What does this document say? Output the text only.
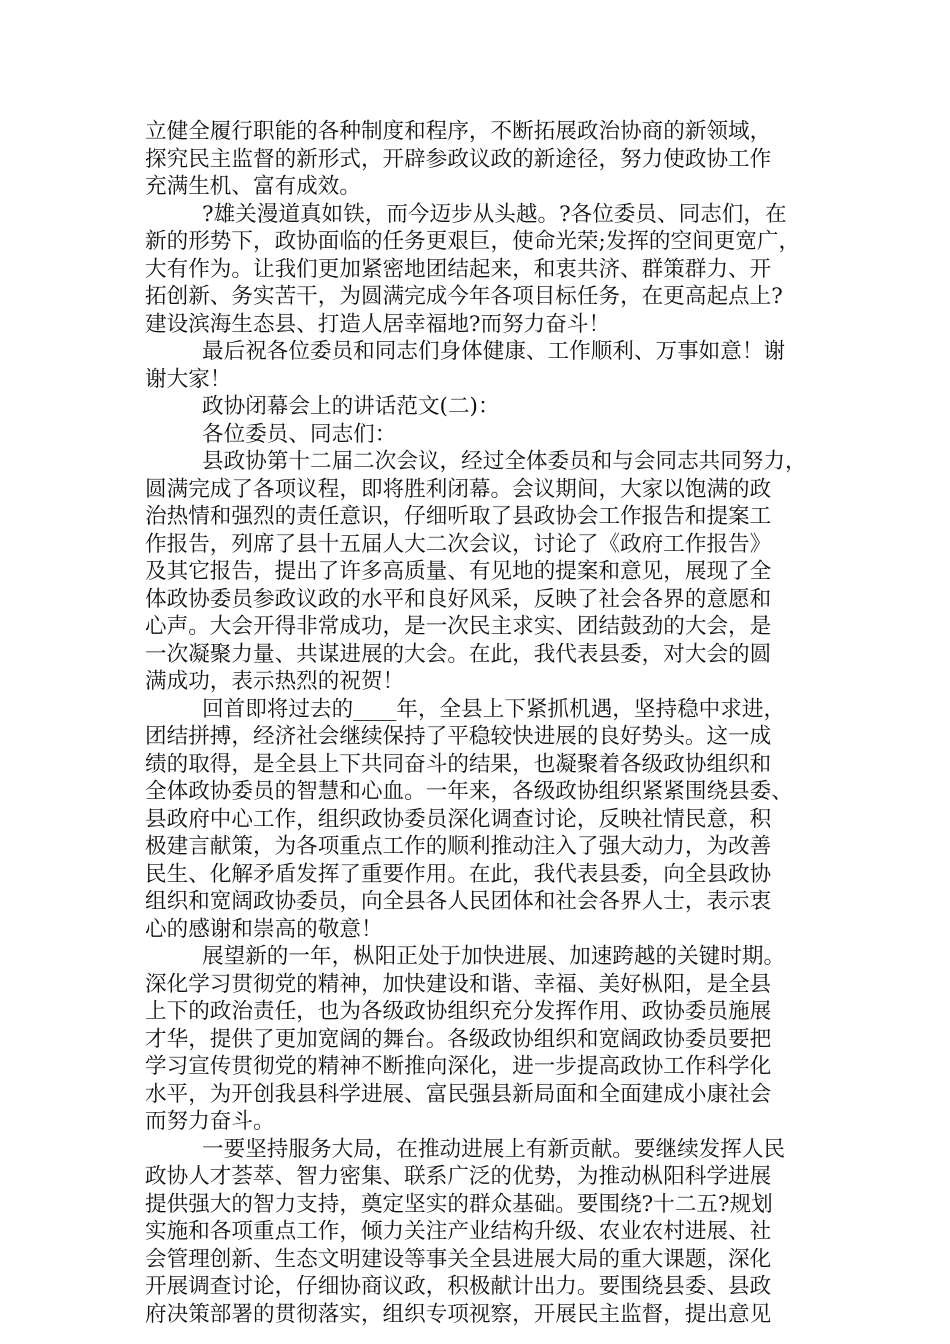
立健全履行职能的各种制度和程序，不断拓展政治协商的新领域，
探究民主监督的新形式，开辟参政议政的新途径，努力使政协工作
充满生机、富有成效。
?雄关漫道真如铁，而今迈步从头越。?各位委员、同志们，在
新的形势下，政协面临的任务更艰巨，使命光荣;发挥的空间更宽广，
大有作为。让我们更加紧密地团结起来，和衷共济、群策群力、开
拓创新、务实苦干，为圆满完成今年各项目标任务，在更高起点上?
建设滨海生态县、打造人居幸福地?而努力奋斗！
最后祝各位委员和同志们身体健康、工作顺利、万事如意！谢
谢大家！
政协闭幕会上的讲话范文(二)：
各位委员、同志们：
县政协第十二届二次会议，经过全体委员和与会同志共同努力，
圆满完成了各项议程，即将胜利闭幕。会议期间，大家以饱满的政
治热情和强烈的责任意识，仔细听取了县政协会工作报告和提案工
作报告，列席了县十五届人大二次会议，讨论了《政府工作报告》
及其它报告，提出了许多高质量、有见地的提案和意见，展现了全
体政协委员参政议政的水平和良好风采，反映了社会各界的意愿和
心声。大会开得非常成功，是一次民主求实、团结鼓劲的大会，是
一次凝聚力量、共谋进展的大会。在此，我代表县委，对大会的圆
满成功，表示热烈的祝贺！
回首即将过去的____年，全县上下紧抓机遇，坚持稳中求进，
团结拼搏，经济社会继续保持了平稳较快进展的良好势头。这一成
绩的取得，是全县上下共同奋斗的结果，也凝聚着各级政协组织和
全体政协委员的智慧和心血。一年来，各级政协组织紧紧围绕县委、
县政府中心工作，组织政协委员深化调查讨论，反映社情民意，积
极建言献策，为各项重点工作的顺利推动注入了强大动力，为改善
民生、化解矛盾发挥了重要作用。在此，我代表县委，向全县政协
组织和宽阔政协委员，向全县各人民团体和社会各界人士，表示衷
心的感谢和崇高的敬意！
展望新的一年，枞阳正处于加快进展、加速跨越的关键时期。
深化学习贯彻党的精神，加快建设和谐、幸福、美好枞阳，是全县
上下的政治责任，也为各级政协组织充分发挥作用、政协委员施展
才华，提供了更加宽阔的舞台。各级政协组织和宽阔政协委员要把
学习宣传贯彻党的精神不断推向深化，进一步提高政协工作科学化
水平，为开创我县科学进展、富民强县新局面和全面建成小康社会
而努力奋斗。
一要坚持服务大局，在推动进展上有新贡献。要继续发挥人民
政协人才荟萃、智力密集、联系广泛的优势，为推动枞阳科学进展
提供强大的智力支持，奠定坚实的群众基础。要围绕?十二五?规划
实施和各项重点工作，倾力关注产业结构升级、农业农村进展、社
会管理创新、生态文明建设等事关全县进展大局的重大课题，深化
开展调查讨论，仔细协商议政，积极献计出力。要围绕县委、县政
府决策部署的贯彻落实，组织专项视察，开展民主监督，提出意见
